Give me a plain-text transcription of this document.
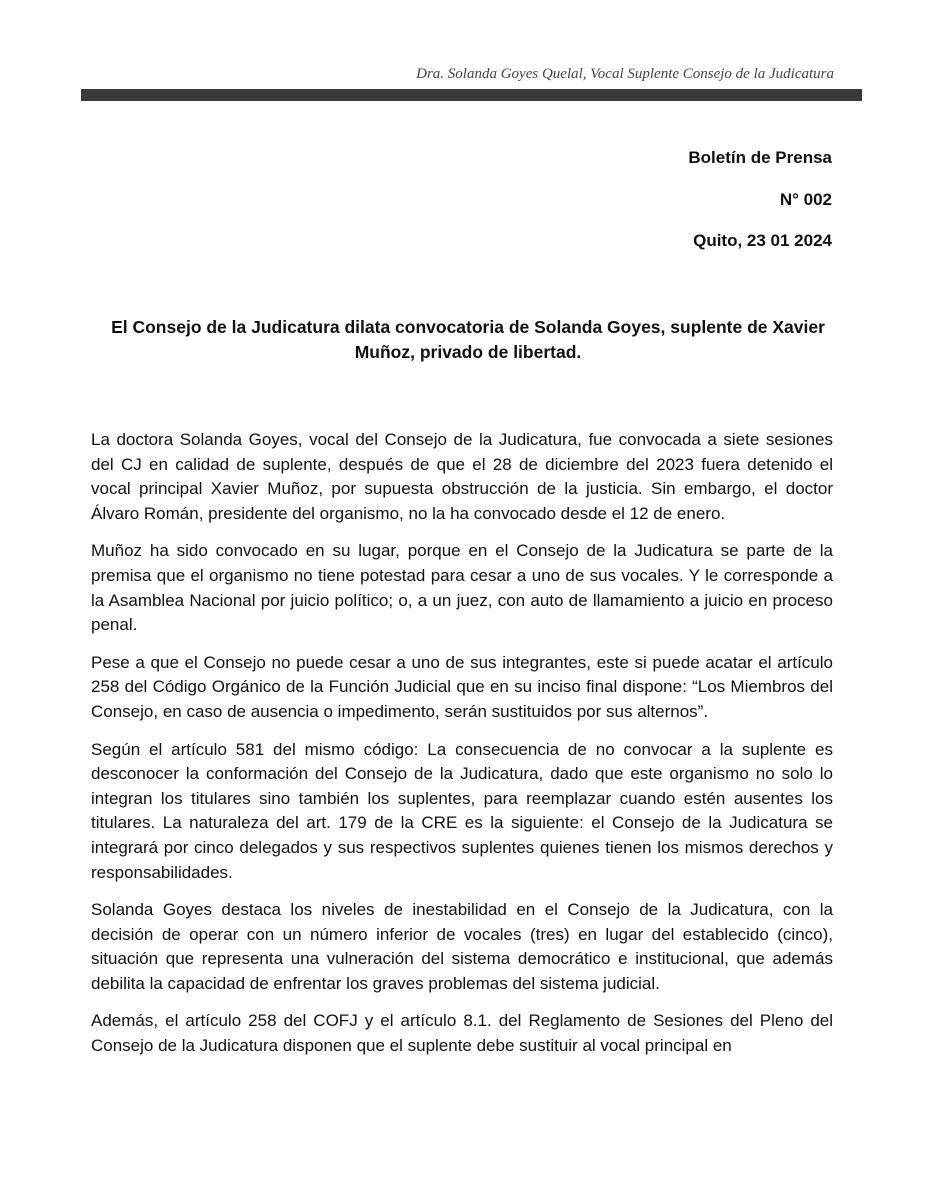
Dra. Solanda Goyes Quelal, Vocal Suplente Consejo de la Judicatura
Boletín de Prensa
N° 002
Quito, 23 01 2024
El Consejo de la Judicatura dilata convocatoria de Solanda Goyes, suplente de Xavier Muñoz, privado de libertad.

La doctora Solanda Goyes, vocal del Consejo de la Judicatura, fue convocada a siete sesiones del CJ en calidad de suplente, después de que el 28 de diciembre del 2023 fuera detenido el vocal principal Xavier Muñoz, por supuesta obstrucción de la justicia. Sin embargo, el doctor Álvaro Román, presidente del organismo, no la ha convocado desde el 12 de enero.

Muñoz ha sido convocado en su lugar, porque en el Consejo de la Judicatura se parte de la premisa que el organismo no tiene potestad para cesar a uno de sus vocales. Y le corresponde a la Asamblea Nacional por juicio político; o, a un juez, con auto de llamamiento a juicio en proceso penal.

Pese a que el Consejo no puede cesar a uno de sus integrantes, este si puede acatar el artículo 258 del Código Orgánico de la Función Judicial que en su inciso final dispone: “Los Miembros del Consejo, en caso de ausencia o impedimento, serán sustituidos por sus alternos”.

Según el artículo 581 del mismo código: La consecuencia de no convocar a la suplente es desconocer la conformación del Consejo de la Judicatura, dado que este organismo no solo lo integran los titulares sino también los suplentes, para reemplazar cuando estén ausentes los titulares. La naturaleza del art. 179 de la CRE es la siguiente: el Consejo de la Judicatura se integrará por cinco delegados y sus respectivos suplentes quienes tienen los mismos derechos y responsabilidades.

Solanda Goyes destaca los niveles de inestabilidad en el Consejo de la Judicatura, con la decisión de operar con un número inferior de vocales (tres) en lugar del establecido (cinco), situación que representa una vulneración del sistema democrático e institucional, que además debilita la capacidad de enfrentar los graves problemas del sistema judicial.

Además, el artículo 258 del COFJ y el artículo 8.1. del Reglamento de Sesiones del Pleno del Consejo de la Judicatura disponen que el suplente debe sustituir al vocal principal en
